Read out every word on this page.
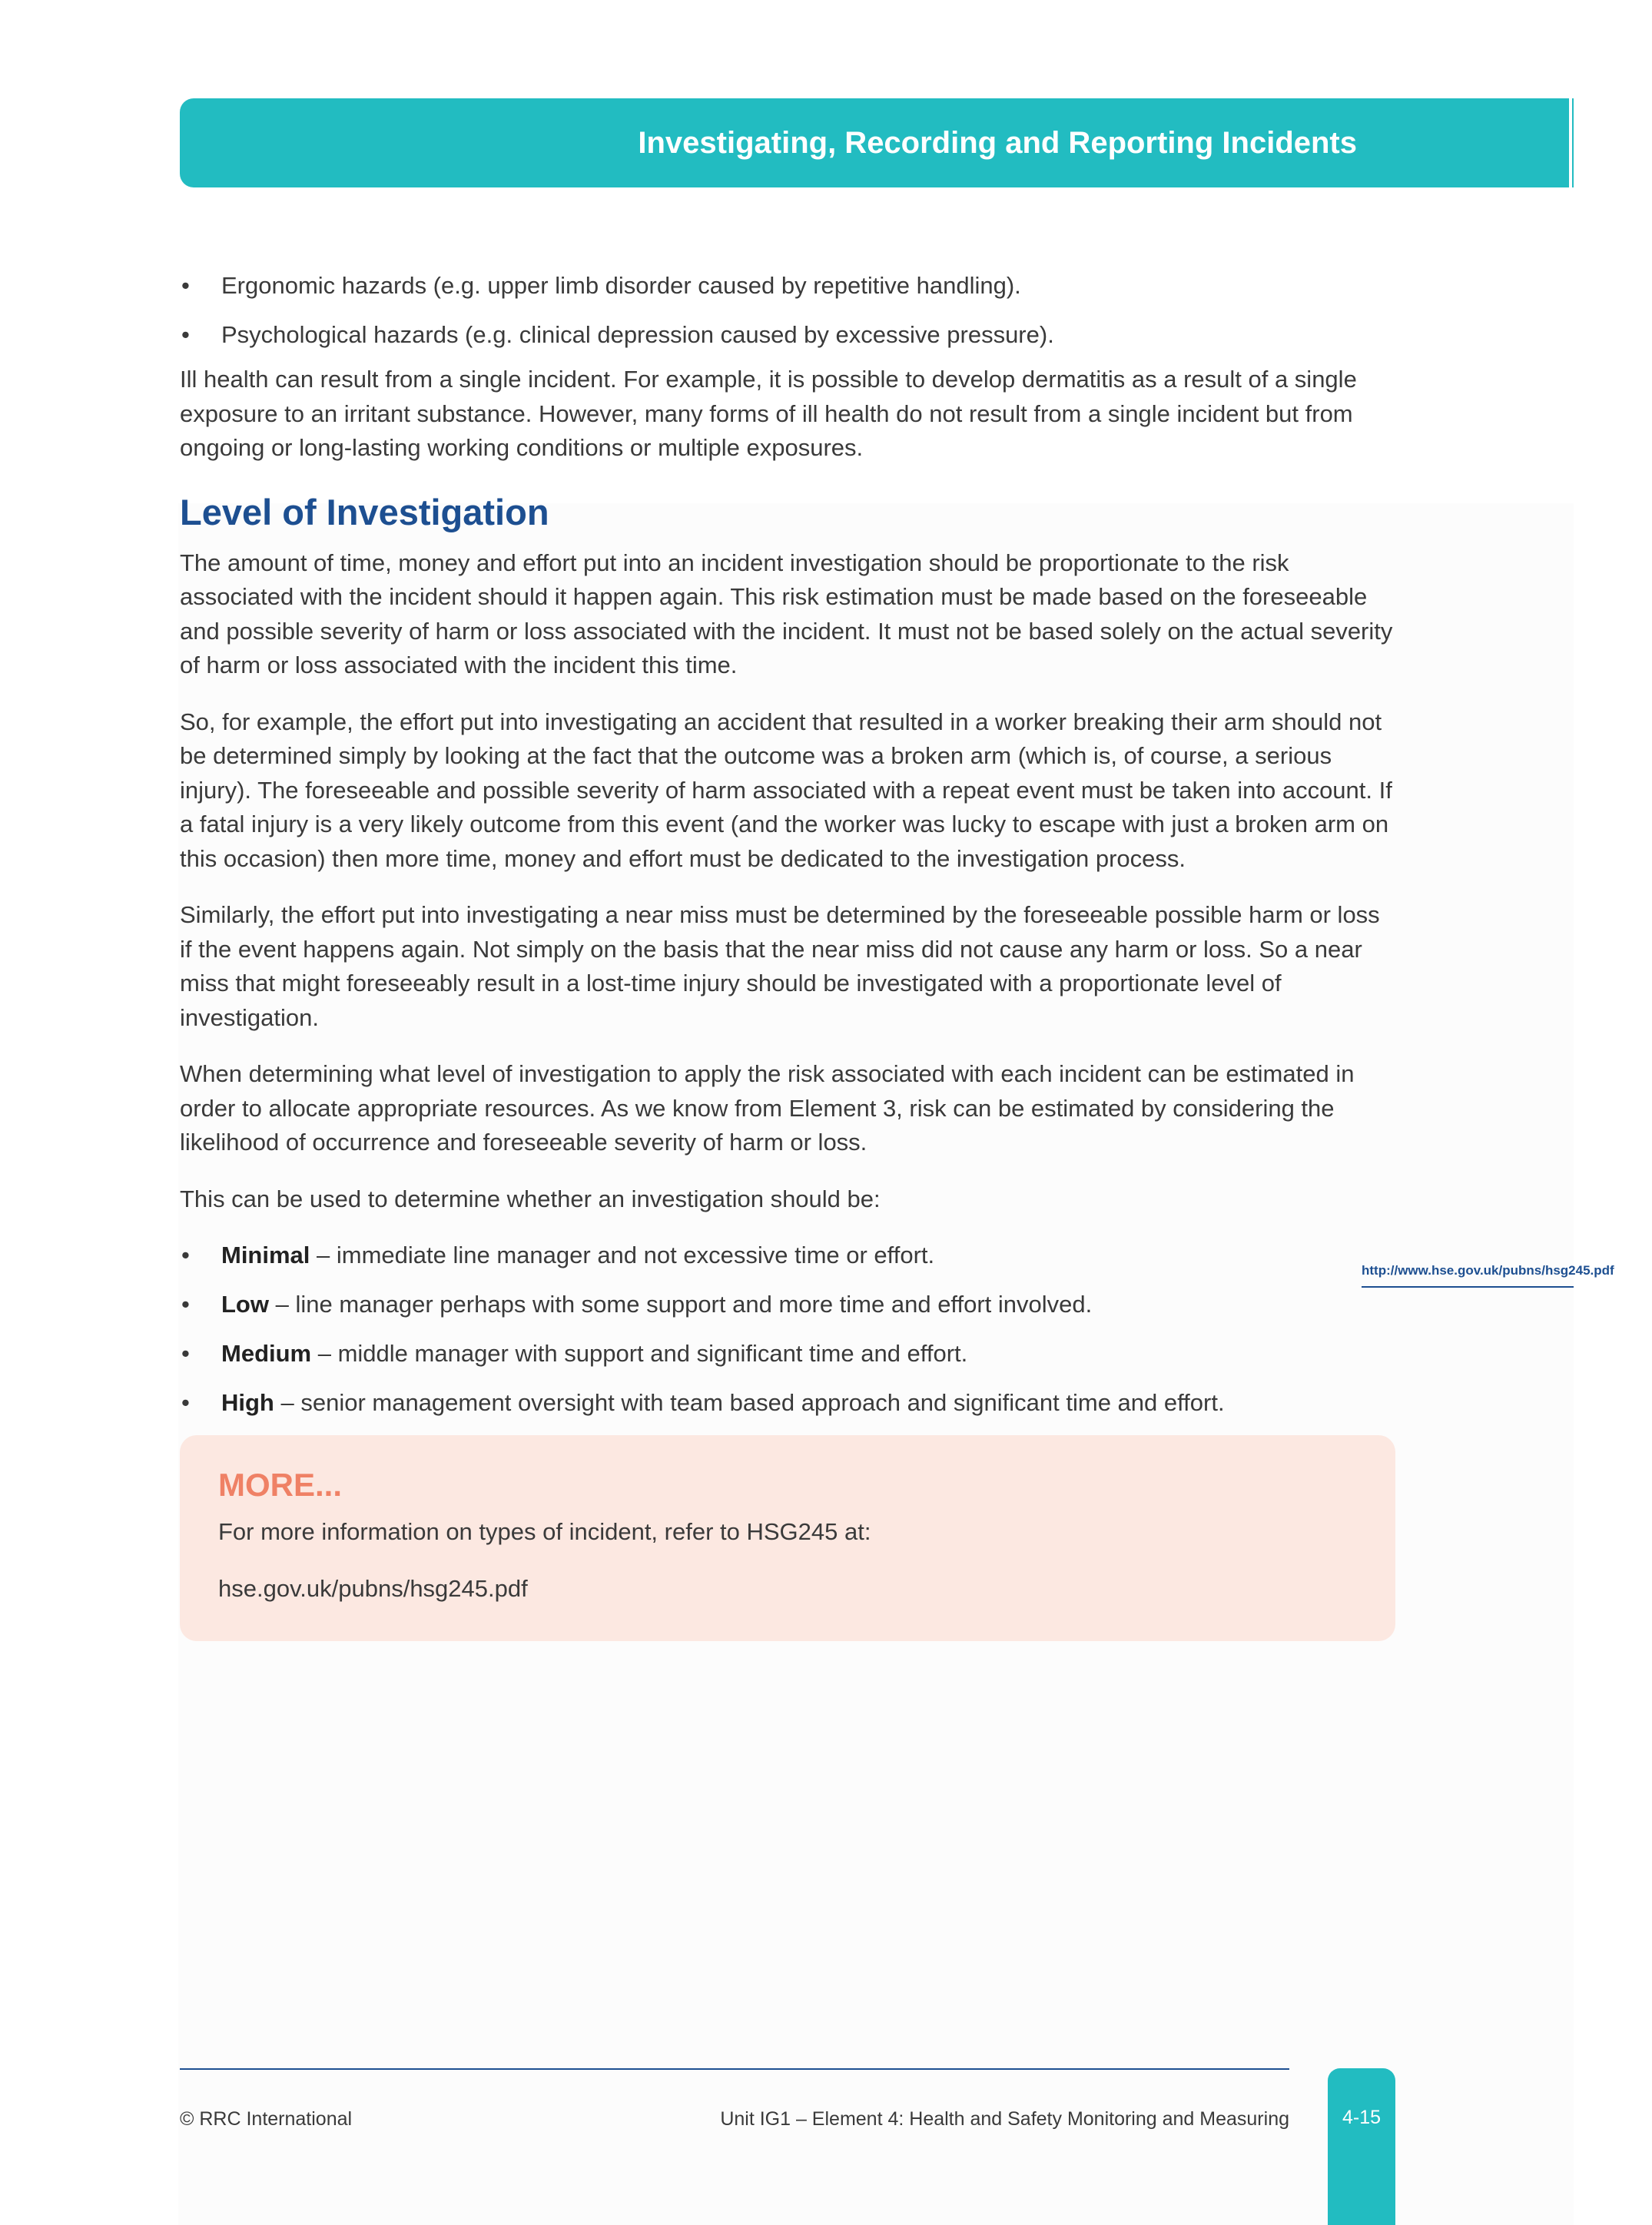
Investigating, Recording and Reporting Incidents	4.2
• Ergonomic hazards (e.g. upper limb disorder caused by repetitive handling).
• Psychological hazards (e.g. clinical depression caused by excessive pressure).

Ill health can result from a single incident. For example, it is possible to develop dermatitis as a result of a single exposure to an irritant substance. However, many forms of ill health do not result from a single incident but from ongoing or long-lasting working conditions or multiple exposures.

Level of Investigation

The amount of time, money and effort put into an incident investigation should be proportionate to the risk associated with the incident should it happen again. This risk estimation must be made based on the foreseeable and possible severity of harm or loss associated with the incident. It must not be based solely on the actual severity of harm or loss associated with the incident this time.

So, for example, the effort put into investigating an accident that resulted in a worker breaking their arm should not be determined simply by looking at the fact that the outcome was a broken arm (which is, of course, a serious injury). The foreseeable and possible severity of harm associated with a repeat event must be taken into account. If a fatal injury is a very likely outcome from this event (and the worker was lucky to escape with just a broken arm on this occasion) then more time, money and effort must be dedicated to the investigation process.

Similarly, the effort put into investigating a near miss must be determined by the foreseeable possible harm or loss if the event happens again. Not simply on the basis that the near miss did not cause any harm or loss. So a near miss that might foreseeably result in a lost-time injury should be investigated with a proportionate level of investigation.

When determining what level of investigation to apply the risk associated with each incident can be estimated in order to allocate appropriate resources. As we know from Element 3, risk can be estimated by considering the likelihood of occurrence and foreseeable severity of harm or loss.

This can be used to determine whether an investigation should be:

• Minimal – immediate line manager and not excessive time or effort.
• Low – line manager perhaps with some support and more time and effort involved.
• Medium – middle manager with support and significant time and effort.
• High – senior management oversight with team based approach and significant time and effort.
http://www.hse.gov.uk/pubns/hsg245.pdf
MORE...

For more information on types of incident, refer to HSG245 at:

hse.gov.uk/pubns/hsg245.pdf

© RRC International	Unit IG1 – Element 4: Health and Safety Monitoring and Measuring	4-15
